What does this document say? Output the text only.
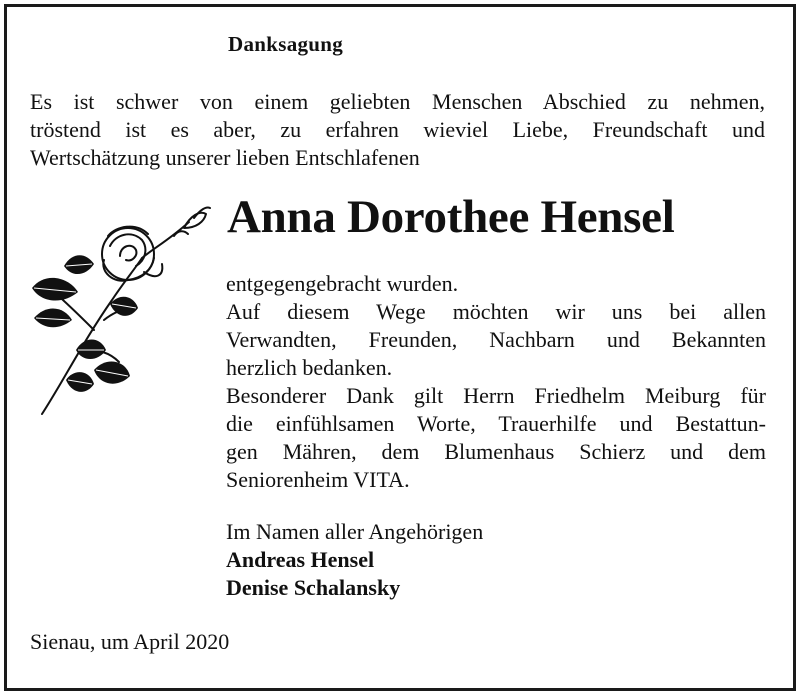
Danksagung
Es ist schwer von einem geliebten Menschen Abschied zu nehmen,
tröstend ist es aber, zu erfahren wieviel Liebe, Freundschaft und
Wertschätzung unserer lieben Entschlafenen
Anna Dorothee Hensel
entgegengebracht wurden.
Auf diesem Wege möchten wir uns bei allen
Verwandten, Freunden, Nachbarn und Bekannten
herzlich bedanken.
Besonderer Dank gilt Herrn Friedhelm Meiburg für
die einfühlsamen Worte, Trauerhilfe und Bestattun-
gen Mähren, dem Blumenhaus Schierz und dem
Seniorenheim VITA.
Im Namen aller Angehörigen
Andreas Hensel
Denise Schalansky
Sienau, um April 2020
